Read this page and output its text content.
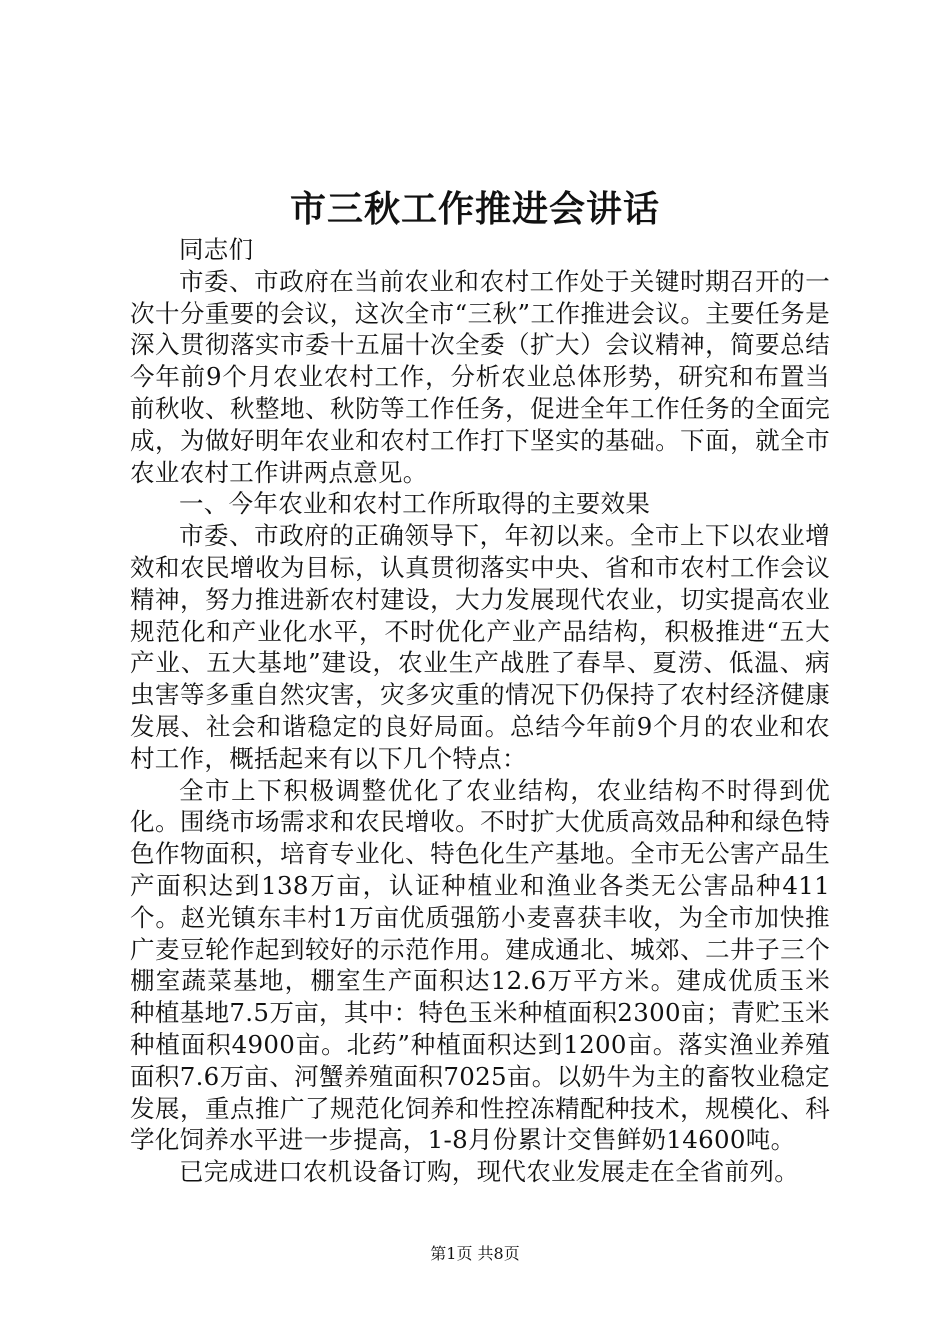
市三秋工作推进会讲话

同志们

市委、市政府在当前农业和农村工作处于关键时期召开的一次十分重要的会议，这次全市“三秋”工作推进会议。主要任务是深入贯彻落实市委十五届十次全委（扩大）会议精神，简要总结今年前9个月农业农村工作，分析农业总体形势，研究和布置当前秋收、秋整地、秋防等工作任务，促进全年工作任务的全面完成，为做好明年农业和农村工作打下坚实的基础。下面，就全市农业农村工作讲两点意见。

一、今年农业和农村工作所取得的主要效果

市委、市政府的正确领导下，年初以来。全市上下以农业增效和农民增收为目标，认真贯彻落实中央、省和市农村工作会议精神，努力推进新农村建设，大力发展现代农业，切实提高农业规范化和产业化水平，不时优化产业产品结构，积极推进“五大产业、五大基地”建设，农业生产战胜了春旱、夏涝、低温、病虫害等多重自然灾害，灾多灾重的情况下仍保持了农村经济健康发展、社会和谐稳定的良好局面。总结今年前9个月的农业和农村工作，概括起来有以下几个特点：

全市上下积极调整优化了农业结构，农业结构不时得到优化。围绕市场需求和农民增收。不时扩大优质高效品种和绿色特色作物面积，培育专业化、特色化生产基地。全市无公害产品生产面积达到138万亩，认证种植业和渔业各类无公害品种411个。赵光镇东丰村1万亩优质强筋小麦喜获丰收，为全市加快推广麦豆轮作起到较好的示范作用。建成通北、城郊、二井子三个棚室蔬菜基地，棚室生产面积达12.6万平方米。建成优质玉米种植基地7.5万亩，其中：特色玉米种植面积2300亩；青贮玉米种植面积4900亩。北药”种植面积达到1200亩。落实渔业养殖面积7.6万亩、河蟹养殖面积7025亩。以奶牛为主的畜牧业稳定发展，重点推广了规范化饲养和性控冻精配种技术，规模化、科学化饲养水平进一步提高，1-8月份累计交售鲜奶14600吨。

已完成进口农机设备订购，现代农业发展走在全省前列。

第1页 共8页
